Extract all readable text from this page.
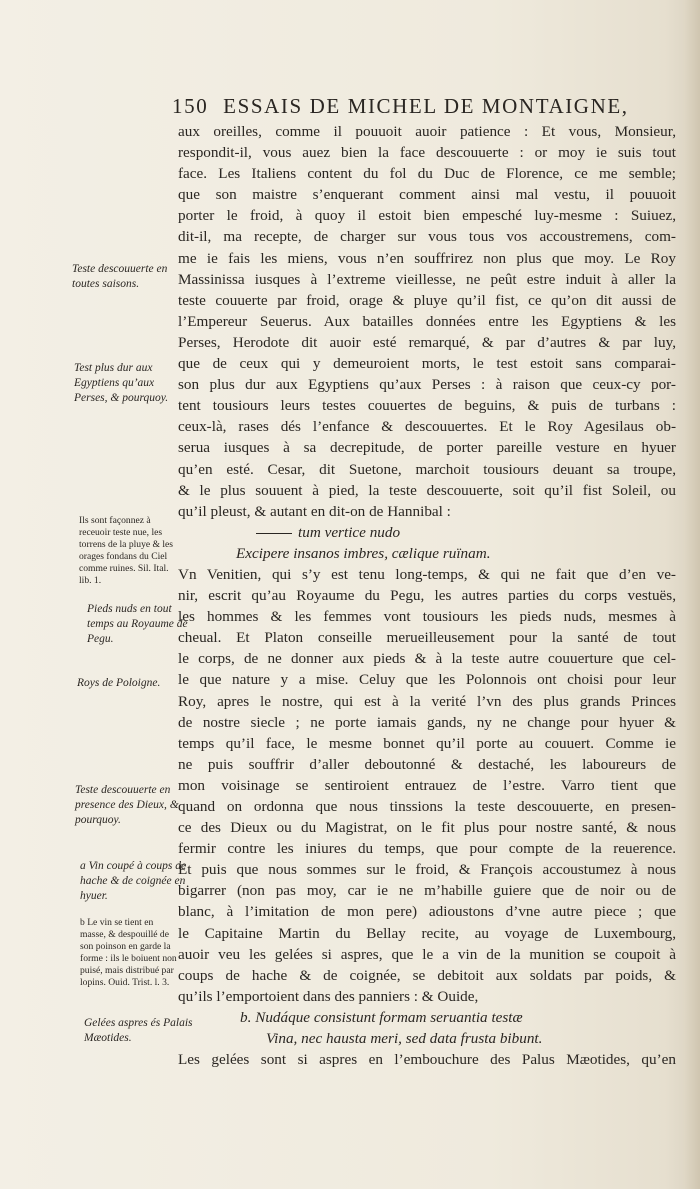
150 ESSAIS DE MICHEL DE MONTAIGNE,
aux oreilles, comme il pouuoit auoir patience : Et vous, Monsieur,
respondit-il, vous auez bien la face descouuerte : or moy ie suis tout
face. Les Italiens content du fol du Duc de Florence, ce me semble;
que son maistre s’enquerant comment ainsi mal vestu, il pouuoit
porter le froid, à quoy il estoit bien empesché luy-mesme : Suiuez,
dit-il, ma recepte, de charger sur vous tous vos accoustremens, com-
me ie fais les miens, vous n’en souffrirez non plus que moy. Le Roy
Massinissa iusques à l’extreme vieillesse, ne peût estre induit à aller la
teste couuerte par froid, orage & pluye qu’il fist, ce qu’on dit aussi de
l’Empereur Seuerus. Aux batailles données entre les Egyptiens & les
Perses, Herodote dit auoir esté remarqué, & par d’autres & par luy,
que de ceux qui y demeuroient morts, le test estoit sans comparai-
son plus dur aux Egyptiens qu’aux Perses : à raison que ceux-cy por-
tent tousiours leurs testes couuertes de beguins, & puis de turbans :
ceux-là, rases dés l’enfance & descouuertes. Et le Roy Agesilaus ob-
serua iusques à sa decrepitude, de porter pareille vesture en hyuer
qu’en esté. Cesar, dit Suetone, marchoit tousiours deuant sa troupe,
& le plus souuent à pied, la teste descouuerte, soit qu’il fist Soleil, ou
qu’il pleust, & autant en dit-on de Hannibal :
tum vertice nudo
Excipere insanos imbres, cælique ruïnam.
Vn Venitien, qui s’y est tenu long-temps, & qui ne fait que d’en ve-
nir, escrit qu’au Royaume du Pegu, les autres parties du corps vestuës,
les hommes & les femmes vont tousiours les pieds nuds, mesmes à
cheual. Et Platon conseille merueilleusement pour la santé de tout
le corps, de ne donner aux pieds & à la teste autre couuerture que cel-
le que nature y a mise. Celuy que les Polonnois ont choisi pour leur
Roy, apres le nostre, qui est à la verité l’vn des plus grands Princes
de nostre siecle ; ne porte iamais gands, ny ne change pour hyuer &
temps qu’il face, le mesme bonnet qu’il porte au couuert. Comme ie
ne puis souffrir d’aller deboutonné & destaché, les laboureurs de
mon voisinage se sentiroient entrauez de l’estre. Varro tient que
quand on ordonna que nous tinssions la teste descouuerte, en presen-
ce des Dieux ou du Magistrat, on le fit plus pour nostre santé, & nous
fermir contre les iniures du temps, que pour compte de la reuerence.
Et puis que nous sommes sur le froid, & François accoustumez à nous
bigarrer (non pas moy, car ie ne m’habille guiere que de noir ou de
blanc, à l’imitation de mon pere) adioustons d’vne autre piece ; que
le Capitaine Martin du Bellay recite, au voyage de Luxembourg,
auoir veu les gelées si aspres, que le a vin de la munition se coupoit à
coups de hache & de coignée, se debitoit aux soldats par poids, &
qu’ils l’emportoient dans des panniers : & Ouide,
b. Nudáque consistunt formam seruantia testæ
Vina, nec hausta meri, sed data frusta bibunt.
Les gelées sont si aspres en l’embouchure des Palus Mæotides, qu’en
Teste descouuerte en toutes saisons.
Test plus dur aux Egyptiens qu’aux Perses, & pourquoy.
Ils sont façonnez à receuoir teste nue, les torrens de la pluye & les orages fondans du Ciel comme ruines. Sil. Ital. lib. 1.
Pieds nuds en tout temps au Royaume de Pegu.
Roys de Poloigne.
Teste descouuerte en presence des Dieux, & pourquoy.
a Vin coupé à coups de hache & de coignée en hyuer.
b Le vin se tient en masse, & despouillé de son poinson en garde la forme : ils le boiuent non puisé, mais distribué par lopins. Ouid. Trist. l. 3.
Gelées aspres és Palais Mæotides.
